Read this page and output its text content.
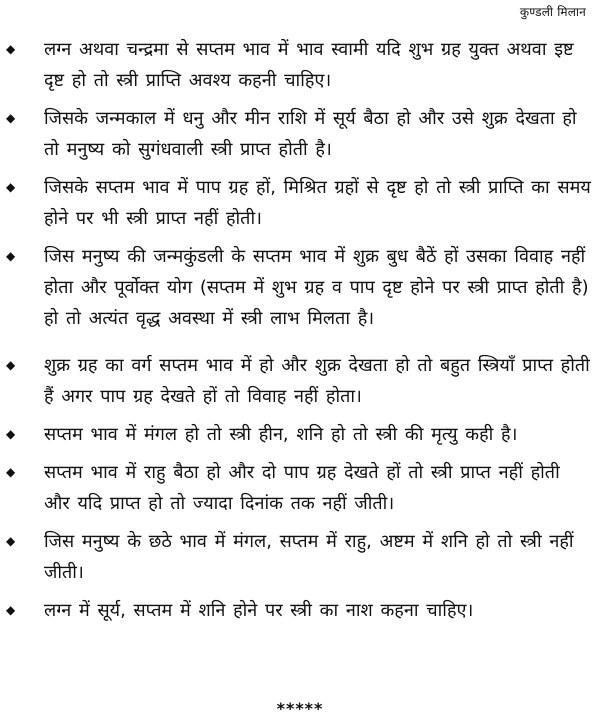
कुण्डली मिलान
◆ लग्न अथवा चन्द्रमा से सप्तम भाव में भाव स्वामी यदि शुभ ग्रह युक्त अथवा इष्ट दृष्ट हो तो स्त्री प्राप्ति अवश्य कहनी चाहिए।
◆ जिसके जन्मकाल में धनु और मीन राशि में सूर्य बैठा हो और उसे शुक्र देखता हो तो मनुष्य को सुगंधवाली स्त्री प्राप्त होती है।
◆ जिसके सप्तम भाव में पाप ग्रह हों, मिश्रित ग्रहों से दृष्ट हो तो स्त्री प्राप्ति का समय होने पर भी स्त्री प्राप्त नहीं होती।
◆ जिस मनुष्य की जन्मकुंडली के सप्तम भाव में शुक्र बुध बैठें हों उसका विवाह नहीं होता और पूर्वोक्त योग (सप्तम में शुभ ग्रह व पाप दृष्ट होने पर स्त्री प्राप्त होती है) हो तो अत्यंत वृद्ध अवस्था में स्त्री लाभ मिलता है।
◆ शुक्र ग्रह का वर्ग सप्तम भाव में हो और शुक्र देखता हो तो बहुत स्त्रियाँ प्राप्त होती हैं अगर पाप ग्रह देखते हों तो विवाह नहीं होता।
◆ सप्तम भाव में मंगल हो तो स्त्री हीन, शनि हो तो स्त्री की मृत्यु कही है।
◆ सप्तम भाव में राहु बैठा हो और दो पाप ग्रह देखते हों तो स्त्री प्राप्त नहीं होती और यदि प्राप्त हो तो ज्यादा दिनांक तक नहीं जीती।
◆ जिस मनुष्य के छठे भाव में मंगल, सप्तम में राहु, अष्टम में शनि हो तो स्त्री नहीं जीती।
◆ लग्न में सूर्य, सप्तम में शनि होने पर स्त्री का नाश कहना चाहिए।
*****
